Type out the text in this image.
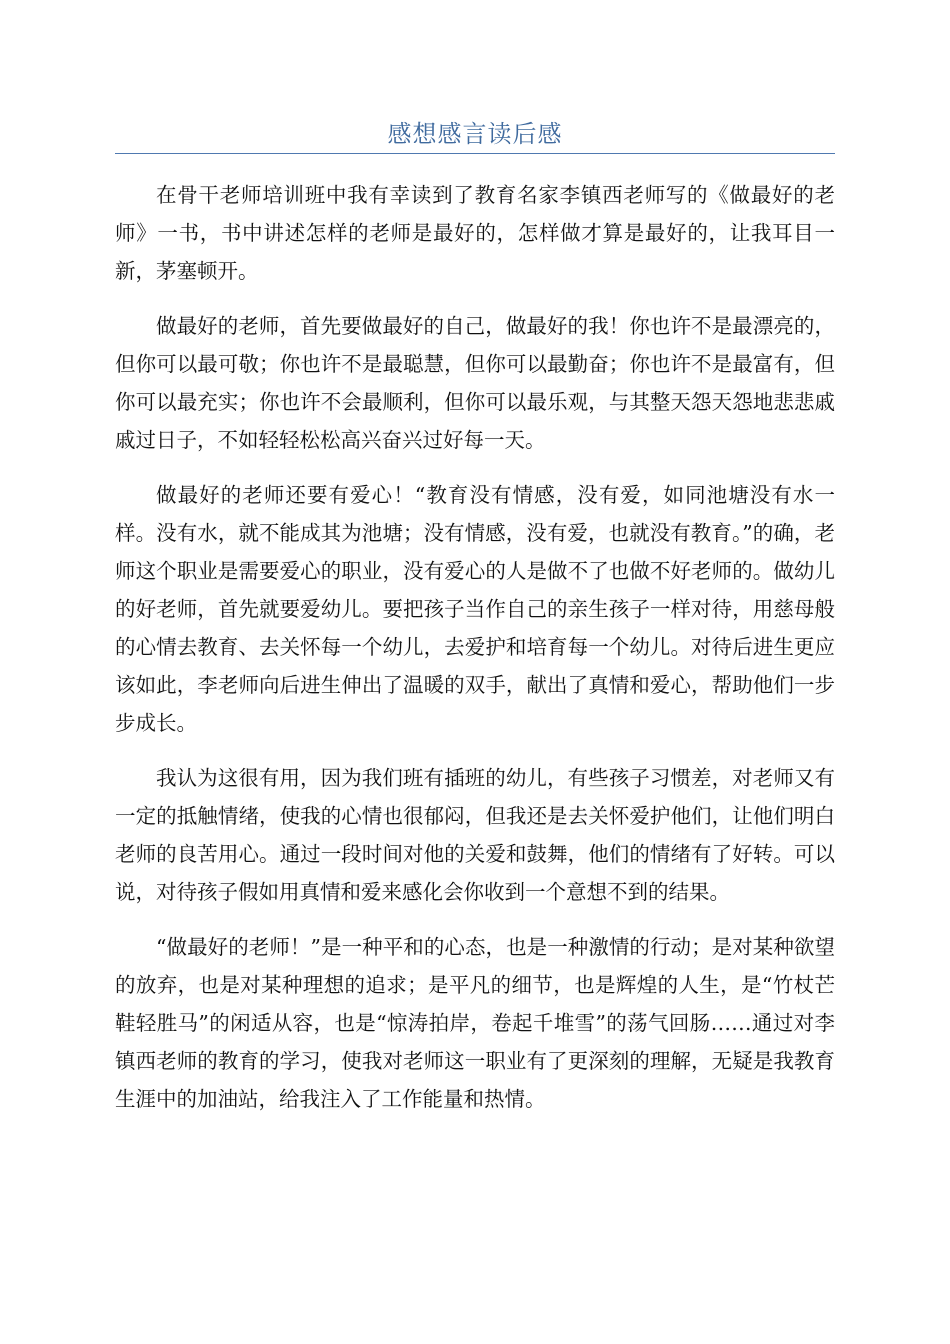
感想感言读后感

在骨干老师培训班中我有幸读到了教育名家李镇西老师写的《做最好的老师》一书，书中讲述怎样的老师是最好的，怎样做才算是最好的，让我耳目一新，茅塞顿开。

做最好的老师，首先要做最好的自己，做最好的我！你也许不是最漂亮的，但你可以最可敬；你也许不是最聪慧，但你可以最勤奋；你也许不是最富有，但你可以最充实；你也许不会最顺利，但你可以最乐观，与其整天怨天怨地悲悲戚戚过日子，不如轻轻松松高兴奋兴过好每一天。

做最好的老师还要有爱心！“教育没有情感，没有爱，如同池塘没有水一样。没有水，就不能成其为池塘；没有情感，没有爱，也就没有教育。”的确，老师这个职业是需要爱心的职业，没有爱心的人是做不了也做不好老师的。做幼儿的好老师，首先就要爱幼儿。要把孩子当作自己的亲生孩子一样对待，用慈母般的心情去教育、去关怀每一个幼儿，去爱护和培育每一个幼儿。对待后进生更应该如此，李老师向后进生伸出了温暖的双手，献出了真情和爱心，帮助他们一步步成长。

我认为这很有用，因为我们班有插班的幼儿，有些孩子习惯差，对老师又有一定的抵触情绪，使我的心情也很郁闷，但我还是去关怀爱护他们，让他们明白老师的良苦用心。通过一段时间对他的关爱和鼓舞，他们的情绪有了好转。可以说，对待孩子假如用真情和爱来感化会你收到一个意想不到的结果。

“做最好的老师！”是一种平和的心态，也是一种激情的行动；是对某种欲望的放弃，也是对某种理想的追求；是平凡的细节，也是辉煌的人生，是“竹杖芒鞋轻胜马”的闲适从容，也是“惊涛拍岸，卷起千堆雪”的荡气回肠……通过对李镇西老师的教育的学习，使我对老师这一职业有了更深刻的理解，无疑是我教育生涯中的加油站，给我注入了工作能量和热情。
